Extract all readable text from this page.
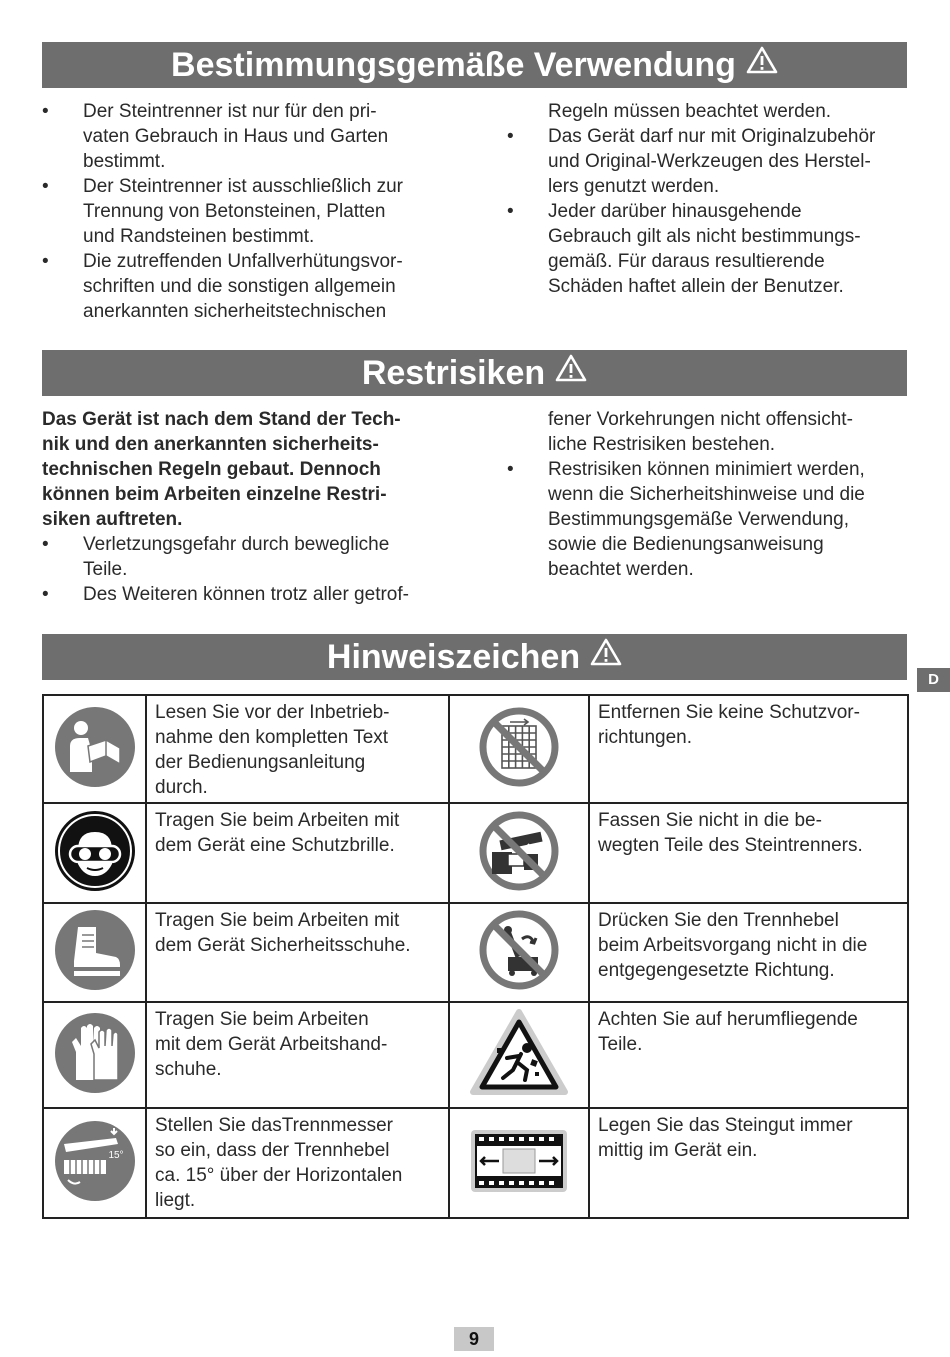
Bestimmungsgemäße Verwendung
• Der Steintrenner ist nur für den pri-
vaten Gebrauch in Haus und Garten
bestimmt.
• Der Steintrenner ist ausschließlich zur
Trennung von Betonsteinen, Platten
und Randsteinen bestimmt.
• Die zutreffenden Unfallverhütungsvor-
schriften und die sonstigen allgemein
anerkannten sicherheitstechnischen
Regeln müssen beachtet werden.
• Das Gerät darf nur mit Originalzubehör
und Original-Werkzeugen des Herstel-
lers genutzt werden.
• Jeder darüber hinausgehende
Gebrauch gilt als nicht bestimmungs-
gemäß. Für daraus resultierende
Schäden haftet allein der Benutzer.
Restrisiken
Das Gerät ist nach dem Stand der Tech-
nik und den anerkannten sicherheits-
technischen Regeln gebaut. Dennoch
können beim Arbeiten einzelne Restri-
siken auftreten.
• Verletzungsgefahr durch bewegliche
Teile.
• Des Weiteren können trotz aller getrof-
fener Vorkehrungen nicht offensicht-
liche Restrisiken bestehen.
• Restrisiken können minimiert werden,
wenn die Sicherheitshinweise und die
Bestimmungsgemäße Verwendung,
sowie die Bedienungsanweisung
beachtet werden.
Hinweiszeichen
D
	Lesen Sie vor der Inbetrieb-
nahme den kompletten Text
der Bedienungsanleitung
durch.		Entfernen Sie keine Schutzvor-
richtungen.
	Tragen Sie beim Arbeiten mit
dem Gerät eine Schutzbrille.		Fassen Sie nicht in die be-
wegten Teile des Steintrenners.
	Tragen Sie beim Arbeiten mit
dem Gerät Sicherheitsschuhe.		Drücken Sie den Trennhebel
beim Arbeitsvorgang nicht in die
entgegengesetzte Richtung.
	Tragen Sie beim Arbeiten
mit dem Gerät Arbeitshand-
schuhe.		Achten Sie auf herumfliegende
Teile.

15°	Stellen Sie dasTrennmesser
so ein, dass der Trennhebel
ca. 15° über der Horizontalen
liegt.		Legen Sie das Steingut immer
mittig im Gerät ein.
9
